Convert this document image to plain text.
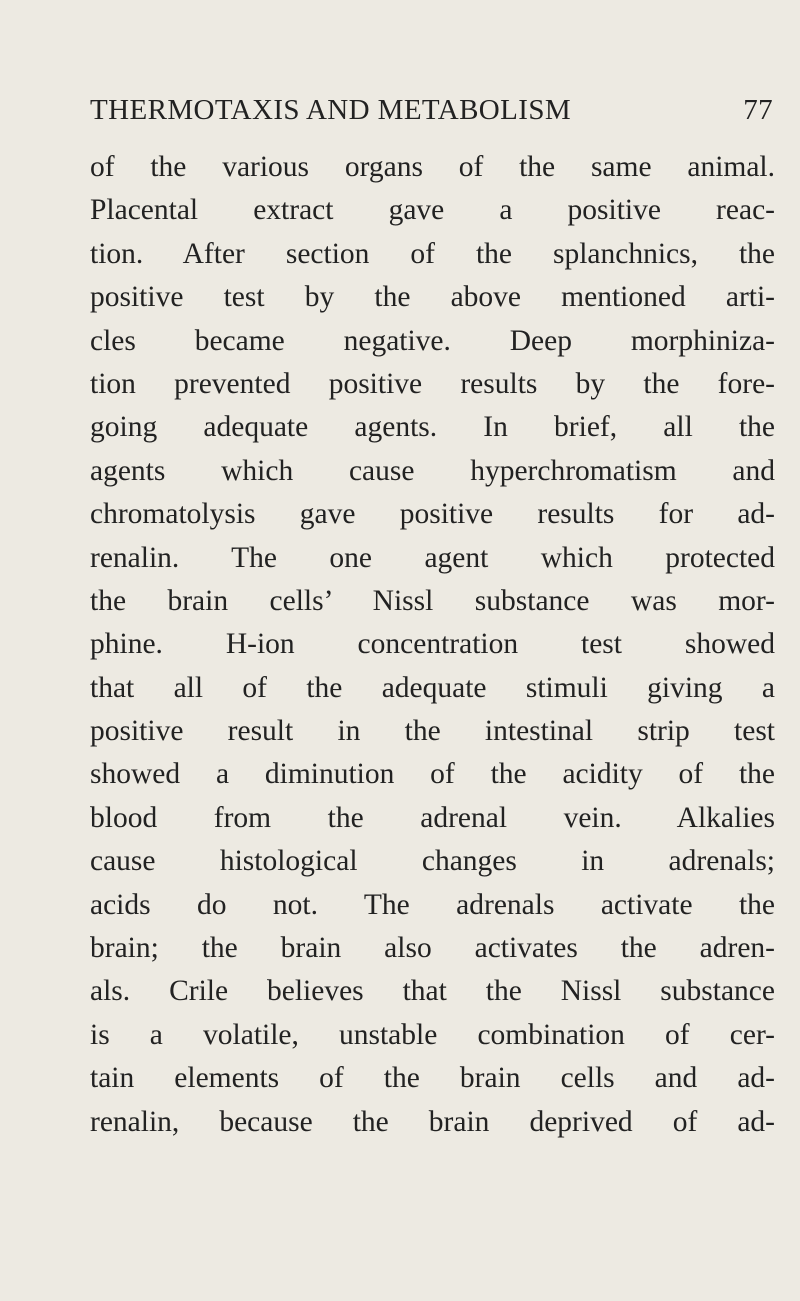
THERMOTAXIS AND METABOLISM	77
of the various organs of the same animal.
Placental extract gave a positive reac-
tion. After section of the splanchnics, the
positive test by the above mentioned arti-
cles became negative. Deep morphiniza-
tion prevented positive results by the fore-
going adequate agents. In brief, all the
agents which cause hyperchromatism and
chromatolysis gave positive results for ad-
renalin. The one agent which protected
the brain cells’ Nissl substance was mor-
phine. H-ion concentration test showed
that all of the adequate stimuli giving a
positive result in the intestinal strip test
showed a diminution of the acidity of the
blood from the adrenal vein. Alkalies
cause histological changes in adrenals;
acids do not. The adrenals activate the
brain; the brain also activates the adren-
als. Crile believes that the Nissl substance
is a volatile, unstable combination of cer-
tain elements of the brain cells and ad-
renalin, because the brain deprived of ad-
